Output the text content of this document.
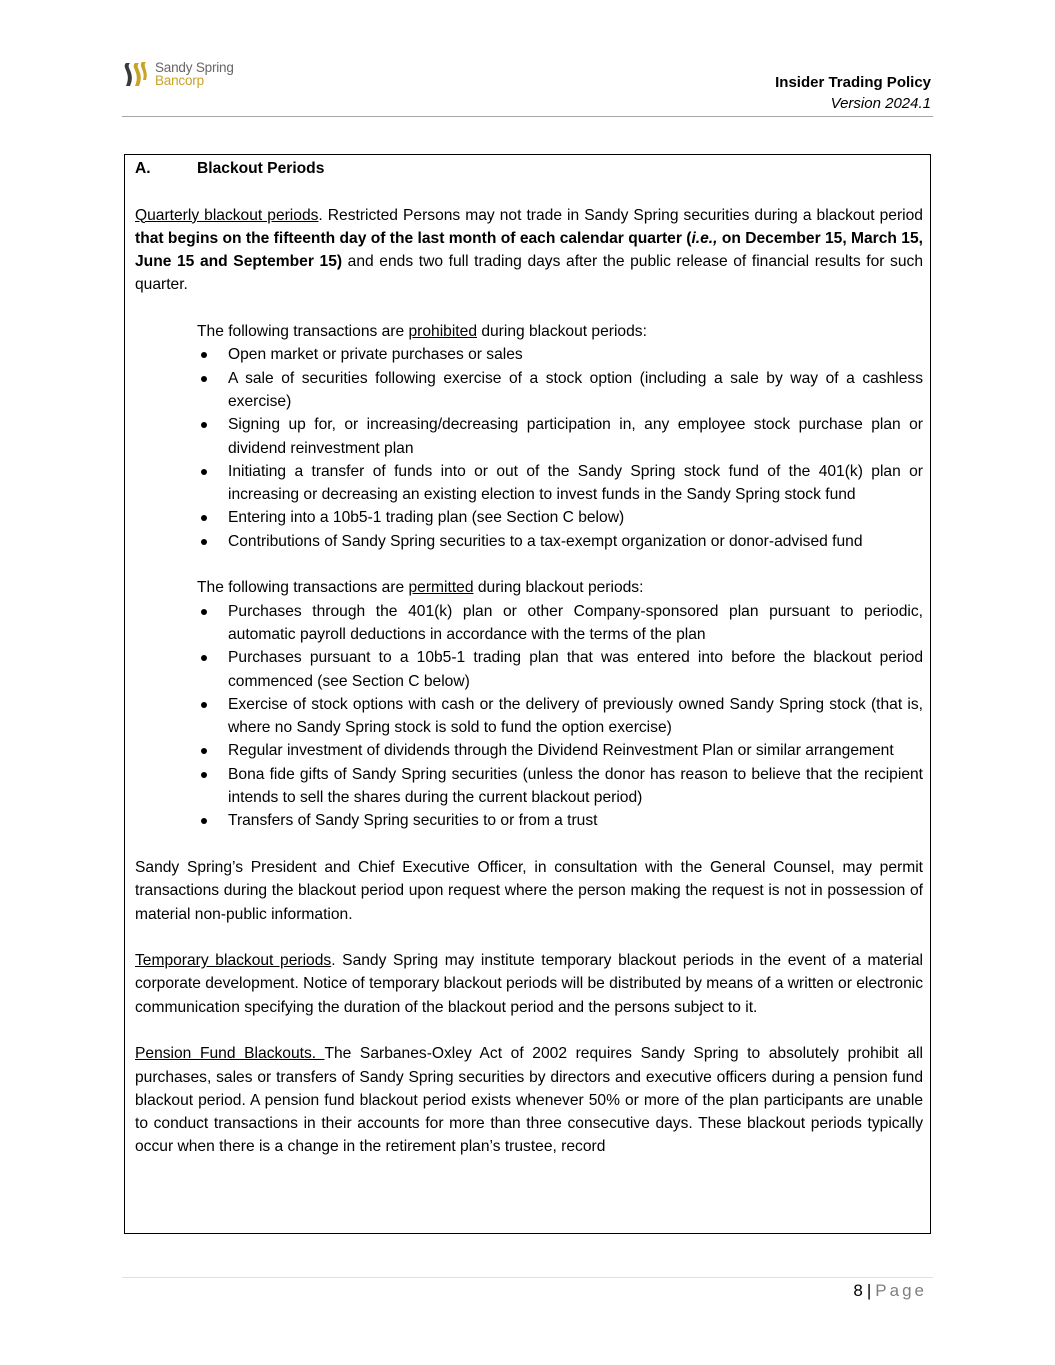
Sandy Spring
Bancorp	Insider Trading Policy
Version 2024.1
A.	Blackout Periods

Quarterly blackout periods. Restricted Persons may not trade in Sandy Spring securities during a blackout period that begins on the fifteenth day of the last month of each calendar quarter (i.e., on December 15, March 15, June 15 and September 15) and ends two full trading days after the public release of financial results for such quarter.

The following transactions are prohibited during blackout periods:

Open market or private purchases or sales
A sale of securities following exercise of a stock option (including a sale by way of a cashless exercise)
Signing up for, or increasing/decreasing participation in, any employee stock purchase plan or dividend reinvestment plan
Initiating a transfer of funds into or out of the Sandy Spring stock fund of the 401(k) plan or increasing or decreasing an existing election to invest funds in the Sandy Spring stock fund
Entering into a 10b5-1 trading plan (see Section C below)
Contributions of Sandy Spring securities to a tax-exempt organization or donor-advised fund

The following transactions are permitted during blackout periods:

Purchases through the 401(k) plan or other Company-sponsored plan pursuant to periodic, automatic payroll deductions in accordance with the terms of the plan
Purchases pursuant to a 10b5-1 trading plan that was entered into before the blackout period commenced (see Section C below)
Exercise of stock options with cash or the delivery of previously owned Sandy Spring stock (that is, where no Sandy Spring stock is sold to fund the option exercise)
Regular investment of dividends through the Dividend Reinvestment Plan or similar arrangement
Bona fide gifts of Sandy Spring securities (unless the donor has reason to believe that the recipient intends to sell the shares during the current blackout period)
Transfers of Sandy Spring securities to or from a trust

Sandy Spring’s President and Chief Executive Officer, in consultation with the General Counsel, may permit transactions during the blackout period upon request where the person making the request is not in possession of material non-public information.

Temporary blackout periods. Sandy Spring may institute temporary blackout periods in the event of a material corporate development. Notice of temporary blackout periods will be distributed by means of a written or electronic communication specifying the duration of the blackout period and the persons subject to it.

Pension Fund Blackouts. The Sarbanes-Oxley Act of 2002 requires Sandy Spring to absolutely prohibit all purchases, sales or transfers of Sandy Spring securities by directors and executive officers during a pension fund blackout period. A pension fund blackout period exists whenever 50% or more of the plan participants are unable to conduct transactions in their accounts for more than three consecutive days. These blackout periods typically occur when there is a change in the retirement plan’s trustee, record

8 | Page
